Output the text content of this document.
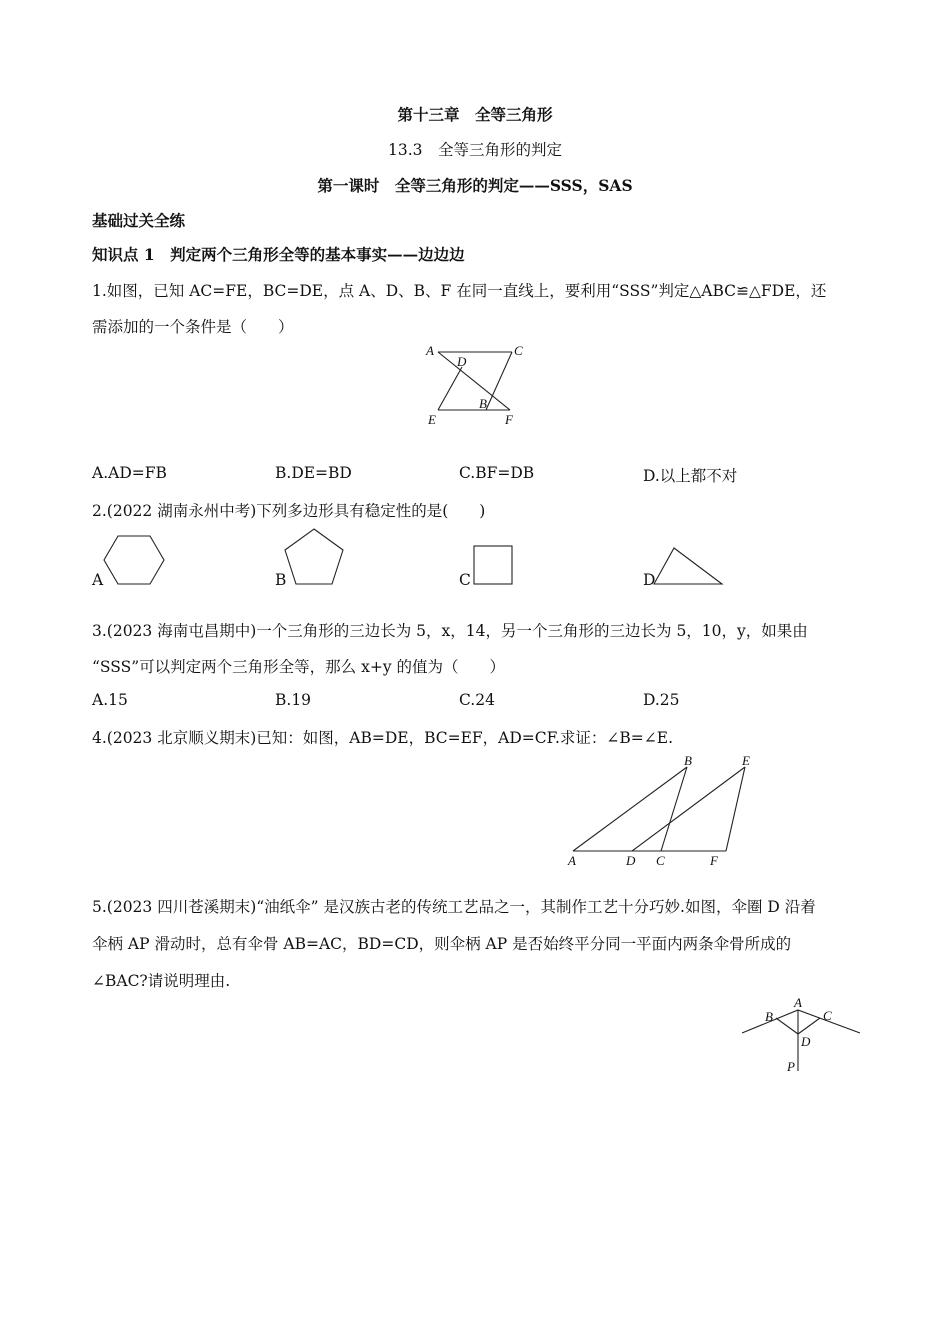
第十三章　全等三角形
13.3　全等三角形的判定
第一课时　全等三角形的判定——SSS，SAS
基础过关全练
知识点 1　判定两个三角形全等的基本事实——边边边
1.如图，已知 AC=FE，BC=DE，点 A、D、B、F 在同一直线上，要利用“SSS”判定△ABC≌△FDE，还
需添加的一个条件是（　　）
A
D
C
B
E	F
A.AD=FB	B.DE=BD	C.BF=DB	D.以上都不对
2.(2022 湖南永州中考)下列多边形具有稳定性的是(　　)
A	B	C	D
3.(2023 海南屯昌期中)一个三角形的三边长为 5，x，14，另一个三角形的三边长为 5，10，y，如果由
“SSS”可以判定两个三角形全等，那么 x+y 的值为（　　）
A.15	B.19	C.24	D.25
4.(2023 北京顺义期末)已知：如图，AB=DE，BC=EF，AD=CF.求证：∠B=∠E.
B	E
A	D C	F
5.(2023 四川苍溪期末)“油纸伞” 是汉族古老的传统工艺品之一，其制作工艺十分巧妙.如图，伞圈 D 沿着
伞柄 AP 滑动时，总有伞骨 AB=AC，BD=CD，则伞柄 AP 是否始终平分同一平面内两条伞骨所成的
∠BAC?请说明理由.
A
B	C
D
P
